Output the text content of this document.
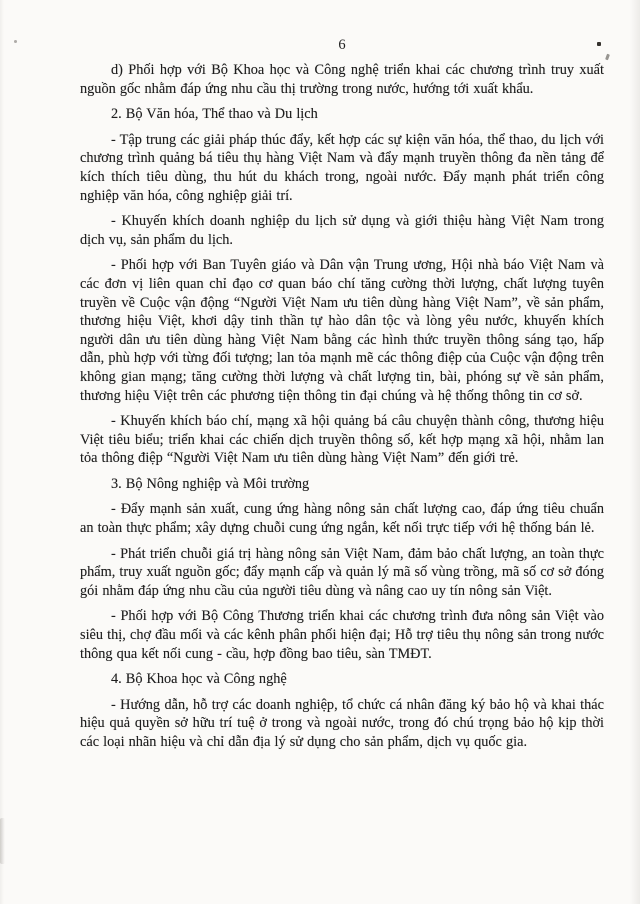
6

d) Phối hợp với Bộ Khoa học và Công nghệ triển khai các chương trình truy xuất nguồn gốc nhằm đáp ứng nhu cầu thị trường trong nước, hướng tới xuất khẩu.

2. Bộ Văn hóa, Thể thao và Du lịch

- Tập trung các giải pháp thúc đẩy, kết hợp các sự kiện văn hóa, thể thao, du lịch với chương trình quảng bá tiêu thụ hàng Việt Nam và đẩy mạnh truyền thông đa nền tảng để kích thích tiêu dùng, thu hút du khách trong, ngoài nước. Đẩy mạnh phát triển công nghiệp văn hóa, công nghiệp giải trí.

- Khuyến khích doanh nghiệp du lịch sử dụng và giới thiệu hàng Việt Nam trong dịch vụ, sản phẩm du lịch.

- Phối hợp với Ban Tuyên giáo và Dân vận Trung ương, Hội nhà báo Việt Nam và các đơn vị liên quan chỉ đạo cơ quan báo chí tăng cường thời lượng, chất lượng tuyên truyền về Cuộc vận động “Người Việt Nam ưu tiên dùng hàng Việt Nam”, về sản phẩm, thương hiệu Việt, khơi dậy tinh thần tự hào dân tộc và lòng yêu nước, khuyến khích người dân ưu tiên dùng hàng Việt Nam bằng các hình thức truyền thông sáng tạo, hấp dẫn, phù hợp với từng đối tượng; lan tỏa mạnh mẽ các thông điệp của Cuộc vận động trên không gian mạng; tăng cường thời lượng và chất lượng tin, bài, phóng sự về sản phẩm, thương hiệu Việt trên các phương tiện thông tin đại chúng và hệ thống thông tin cơ sở.

- Khuyến khích báo chí, mạng xã hội quảng bá câu chuyện thành công, thương hiệu Việt tiêu biểu; triển khai các chiến dịch truyền thông số, kết hợp mạng xã hội, nhằm lan tỏa thông điệp “Người Việt Nam ưu tiên dùng hàng Việt Nam” đến giới trẻ.

3. Bộ Nông nghiệp và Môi trường

- Đẩy mạnh sản xuất, cung ứng hàng nông sản chất lượng cao, đáp ứng tiêu chuẩn an toàn thực phẩm; xây dựng chuỗi cung ứng ngắn, kết nối trực tiếp với hệ thống bán lẻ.

- Phát triển chuỗi giá trị hàng nông sản Việt Nam, đảm bảo chất lượng, an toàn thực phẩm, truy xuất nguồn gốc; đẩy mạnh cấp và quản lý mã số vùng trồng, mã số cơ sở đóng gói nhằm đáp ứng nhu cầu của người tiêu dùng và nâng cao uy tín nông sản Việt.

- Phối hợp với Bộ Công Thương triển khai các chương trình đưa nông sản Việt vào siêu thị, chợ đầu mối và các kênh phân phối hiện đại; Hỗ trợ tiêu thụ nông sản trong nước thông qua kết nối cung - cầu, hợp đồng bao tiêu, sàn TMĐT.

4. Bộ Khoa học và Công nghệ

- Hướng dẫn, hỗ trợ các doanh nghiệp, tổ chức cá nhân đăng ký bảo hộ và khai thác hiệu quả quyền sở hữu trí tuệ ở trong và ngoài nước, trong đó chú trọng bảo hộ kịp thời các loại nhãn hiệu và chỉ dẫn địa lý sử dụng cho sản phẩm, dịch vụ quốc gia.
